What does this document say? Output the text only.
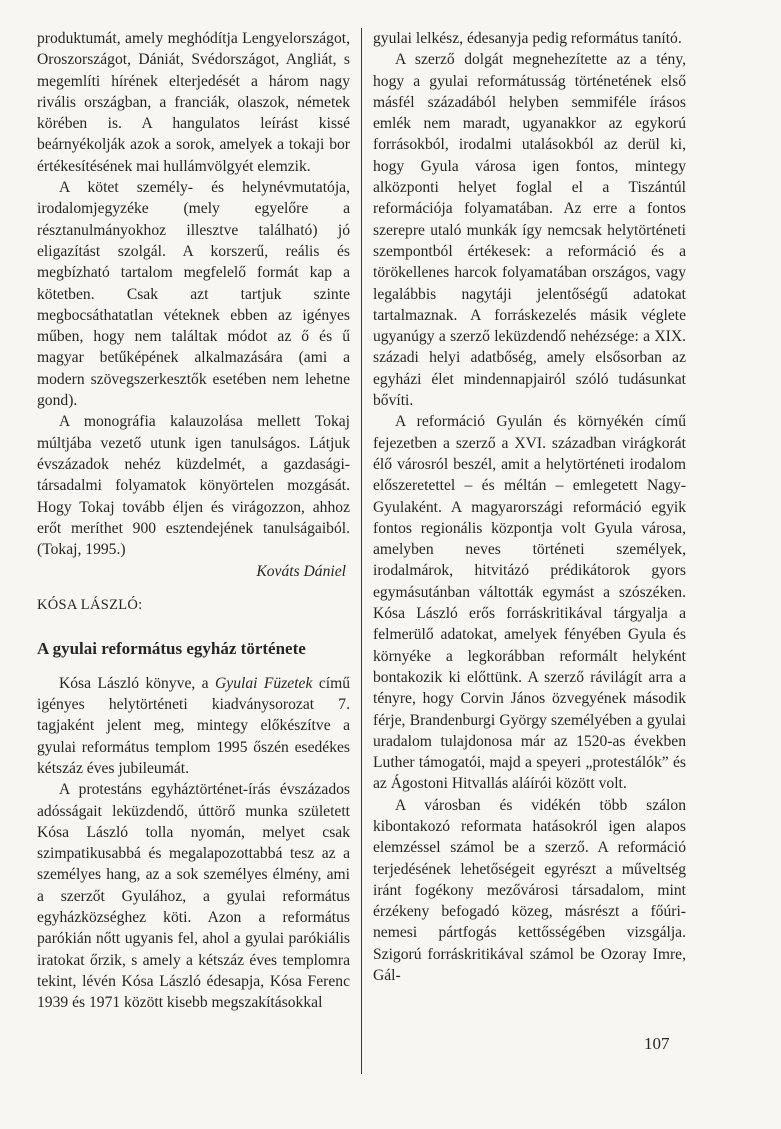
produktumát, amely meghódítja Lengyelországot, Oroszországot, Dániát, Svédországot, Angliát, s megemlíti hírének elterjedését a három nagy rivális országban, a franciák, olaszok, németek körében is. A hangulatos leírást kissé beárnyékolják azok a sorok, amelyek a tokaji bor értékesítésének mai hullámvölgyét elemzik.

A kötet személy- és helynévmutatója, irodalomjegyzéke (mely egyelőre a résztanulmányokhoz illesztve található) jó eligazítást szolgál. A korszerű, reális és megbízható tartalom megfelelő formát kap a kötetben. Csak azt tartjuk szinte megbocsáthatatlan véteknek ebben az igényes műben, hogy nem találtak módot az ő és ű magyar betűképének alkalmazására (ami a modern szövegszerkesztők esetében nem lehetne gond).

A monográfia kalauzolása mellett Tokaj múltjába vezető utunk igen tanulságos. Látjuk évszázadok nehéz küzdelmét, a gazdasági-társadalmi folyamatok könyörtelen mozgását. Hogy Tokaj tovább éljen és virágozzon, ahhoz erőt meríthet 900 esztendejének tanulságaiból. (Tokaj, 1995.)

Kováts Dániel

KÓSA LÁSZLÓ:
A gyulai református egyház története

Kósa László könyve, a Gyulai Füzetek című igényes helytörténeti kiadványsorozat 7. tagjaként jelent meg, mintegy előkészítve a gyulai református templom 1995 őszén esedékes kétszáz éves jubileumát.

A protestáns egyháztörténet-írás évszázados adósságait leküzdendő, úttörő munka született Kósa László tolla nyomán, melyet csak szimpatikusabbá és megalapozottabbá tesz az a személyes hang, az a sok személyes élmény, ami a szerzőt Gyulához, a gyulai református egyházközséghez köti. Azon a református parókián nőtt ugyanis fel, ahol a gyulai parókiális iratokat őrzik, s amely a kétszáz éves templomra tekint, lévén Kósa László édesapja, Kósa Ferenc 1939 és 1971 között kisebb megszakításokkal

gyulai lelkész, édesanyja pedig református tanító.

A szerző dolgát megnehezítette az a tény, hogy a gyulai reformátusság történetének első másfél századából helyben semmiféle írásos emlék nem maradt, ugyanakkor az egykorú forrásokból, irodalmi utalásokból az derül ki, hogy Gyula városa igen fontos, mintegy alközponti helyet foglal el a Tiszántúl reformációja folyamatában. Az erre a fontos szerepre utaló munkák így nemcsak helytörténeti szempontból értékesek: a reformáció és a törökellenes harcok folyamatában országos, vagy legalábbis nagytáji jelentőségű adatokat tartalmaznak. A forráskezelés másik véglete ugyanúgy a szerző leküzdendő nehézsége: a XIX. századi helyi adatbőség, amely elsősorban az egyházi élet mindennapjairól szóló tudásunkat bővíti.

A reformáció Gyulán és környékén című fejezetben a szerző a XVI. században virágkorát élő városról beszél, amit a helytörténeti irodalom előszeretettel – és méltán – emlegetett Nagy-Gyulaként. A magyarországi reformáció egyik fontos regionális központja volt Gyula városa, amelyben neves történeti személyek, irodalmárok, hitvitázó prédikátorok gyors egymásutánban váltották egymást a szószéken. Kósa László erős forráskritikával tárgyalja a felmerülő adatokat, amelyek fényében Gyula és környéke a legkorábban reformált helyként bontakozik ki előttünk. A szerző rávilágít arra a tényre, hogy Corvin János özvegyének második férje, Brandenburgi György személyében a gyulai uradalom tulajdonosa már az 1520-as években Luther támogatói, majd a speyeri „protestálók” és az Ágostoni Hitvallás aláírói között volt.

A városban és vidékén több szálon kibontakozó reformata hatásokról igen alapos elemzéssel számol be a szerző. A reformáció terjedésének lehetőségeit egyrészt a műveltség iránt fogékony mezővárosi társadalom, mint érzékeny befogadó közeg, másrészt a főúri-nemesi pártfogás kettősségében vizsgálja. Szigorú forráskritikával számol be Ozoray Imre, Gál-

107
